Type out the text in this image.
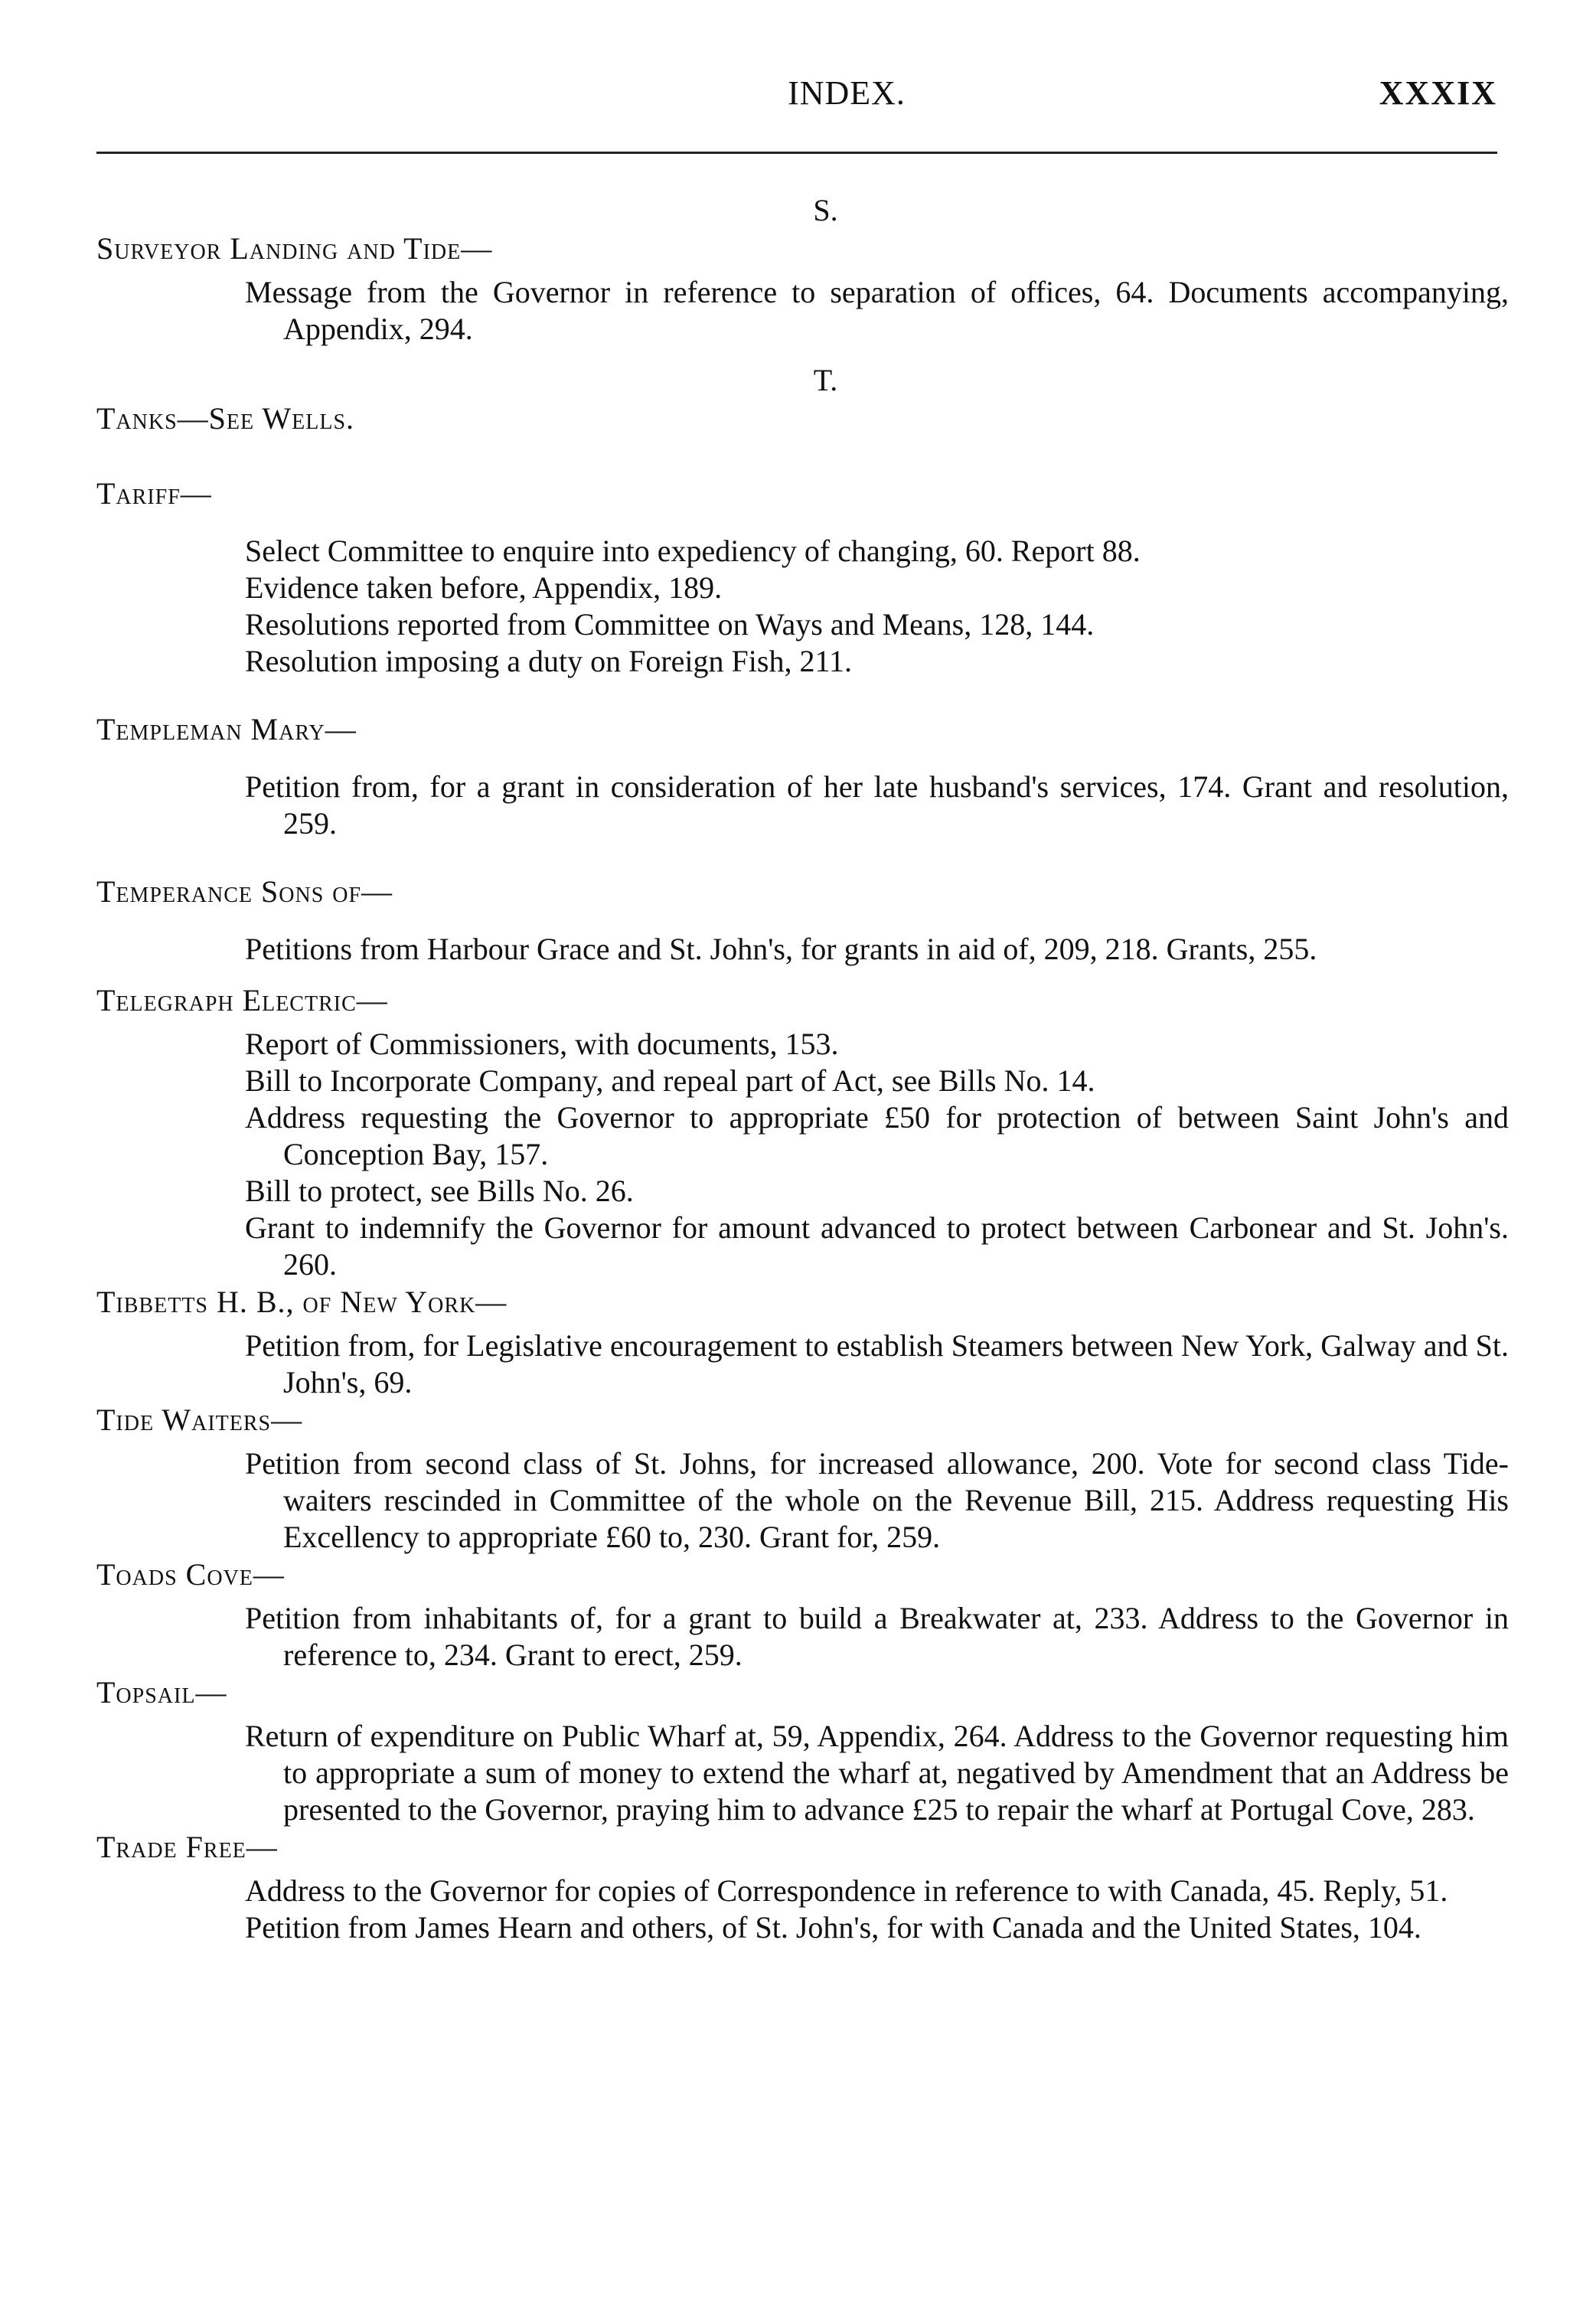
INDEX.	XXXIX
S.
Surveyor Landing and Tide—

Message from the Governor in reference to separation of offices, 64. Documents accompanying, Appendix, 294.

T.
Tanks—See Wells.
Tariff—

Select Committee to enquire into expediency of changing, 60. Report 88.

Evidence taken before, Appendix, 189.

Resolutions reported from Committee on Ways and Means, 128, 144.

Resolution imposing a duty on Foreign Fish, 211.

Templeman Mary—

Petition from, for a grant in consideration of her late husband's services, 174. Grant and resolution, 259.

Temperance Sons of—

Petitions from Harbour Grace and St. John's, for grants in aid of, 209, 218. Grants, 255.

Telegraph Electric—

Report of Commissioners, with documents, 153.

Bill to Incorporate Company, and repeal part of Act, see Bills No. 14.

Address requesting the Governor to appropriate £50 for protection of between Saint John's and Conception Bay, 157.

Bill to protect, see Bills No. 26.

Grant to indemnify the Governor for amount advanced to protect between Carbonear and St. John's. 260.

Tibbetts H. B., of New York—

Petition from, for Legislative encouragement to establish Steamers between New York, Galway and St. John's, 69.

Tide Waiters—

Petition from second class of St. Johns, for increased allowance, 200. Vote for second class Tide-waiters rescinded in Committee of the whole on the Revenue Bill, 215. Address requesting His Excellency to appropriate £60 to, 230. Grant for, 259.

Toads Cove—

Petition from inhabitants of, for a grant to build a Breakwater at, 233. Address to the Governor in reference to, 234. Grant to erect, 259.

Topsail—

Return of expenditure on Public Wharf at, 59, Appendix, 264. Address to the Governor requesting him to appropriate a sum of money to extend the wharf at, negatived by Amendment that an Address be presented to the Governor, praying him to advance £25 to repair the wharf at Portugal Cove, 283.

Trade Free—

Address to the Governor for copies of Correspondence in reference to with Canada, 45. Reply, 51.

Petition from James Hearn and others, of St. John's, for with Canada and the United States, 104.
